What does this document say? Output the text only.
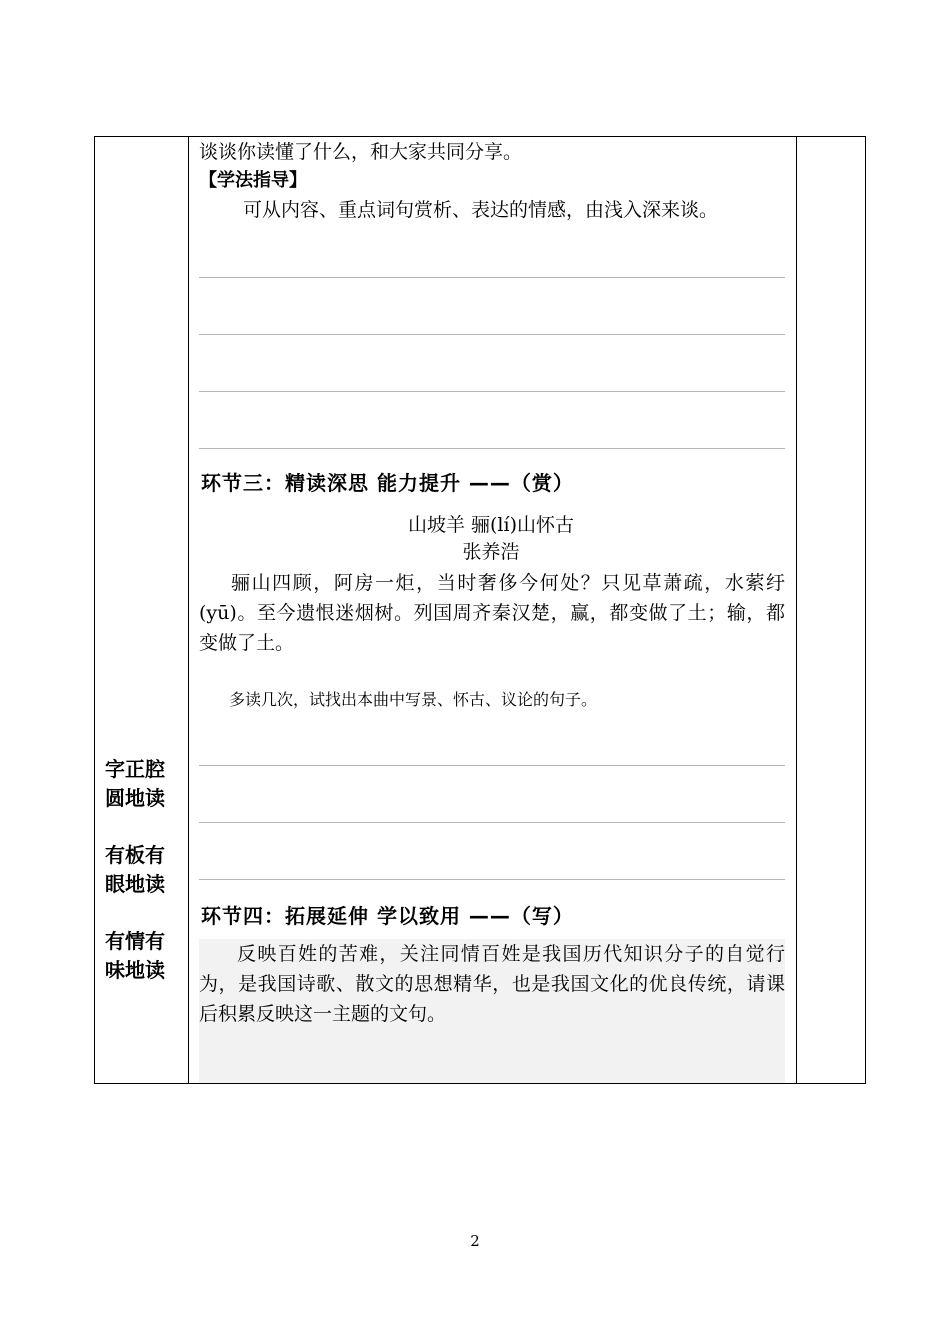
字正腔
圆地读
有板有
眼地读
有情有
味地读
谈谈你读懂了什么，和大家共同分享。
【学法指导】
可从内容、重点词句赏析、表达的情感，由浅入深来谈。
环节三：精读深思 能力提升 ——（赏）
山坡羊 骊(lí)山怀古
张养浩
骊山四顾，阿房一炬，当时奢侈今何处？只见草萧疏，水萦纡(yū)。至今遗恨迷烟树。列国周齐秦汉楚，赢，都变做了土；输，都变做了土。
多读几次，试找出本曲中写景、怀古、议论的句子。
环节四：拓展延伸 学以致用 ——（写）
反映百姓的苦难，关注同情百姓是我国历代知识分子的自觉行为，是我国诗歌、散文的思想精华，也是我国文化的优良传统，请课后积累反映这一主题的文句。
2
